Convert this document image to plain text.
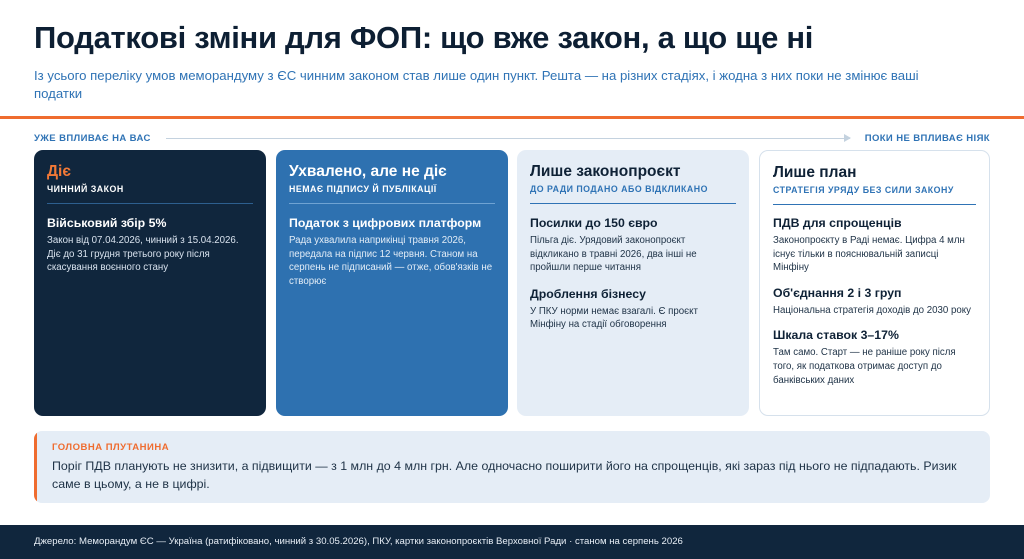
Податкові зміни для ФОП: що вже закон, а що ще ні
Із усього переліку умов меморандуму з ЄС чинним законом став лише один пункт. Решта — на різних стадіях, і жодна з них поки не змінює ваші податки
УЖЕ ВПЛИВАЄ НА ВАС	ПОКИ НЕ ВПЛИВАЄ НІЯК
Діє
ЧИННИЙ ЗАКОН
Військовий збір 5%
Закон від 07.04.2026, чинний з 15.04.2026. Діє до 31 грудня третього року після скасування воєнного стану
Ухвалено, але не діє
НЕМАЄ ПІДПИСУ Й ПУБЛІКАЦІЇ
Податок з цифрових платформ
Рада ухвалила наприкінці травня 2026, передала на підпис 12 червня. Станом на серпень не підписаний — отже, обов'язків не створює
Лише законопроєкт
ДО РАДИ ПОДАНО АБО ВІДКЛИКАНО
Посилки до 150 євро
Пільга діє. Урядовий законопроєкт відкликано в травні 2026, два інші не пройшли перше читання
Дроблення бізнесу
У ПКУ норми немає взагалі. Є проєкт Мінфіну на стадії обговорення
Лише план
СТРАТЕГІЯ УРЯДУ БЕЗ СИЛИ ЗАКОНУ
ПДВ для спрощенців
Законопроєкту в Раді немає. Цифра 4 млн існує тільки в пояснювальній записці Мінфіну
Об'єднання 2 і 3 груп
Національна стратегія доходів до 2030 року
Шкала ставок 3–17%
Там само. Старт — не раніше року після того, як податкова отримає доступ до банківських даних
ГОЛОВНА ПЛУТАНИНА
Поріг ПДВ планують не знизити, а підвищити — з 1 млн до 4 млн грн. Але одночасно поширити його на спрощенців, які зараз під нього не підпадають. Ризик саме в цьому, а не в цифрі.
Джерело: Меморандум ЄС — Україна (ратифіковано, чинний з 30.05.2026), ПКУ, картки законопроєктів Верховної Ради · станом на серпень 2026
